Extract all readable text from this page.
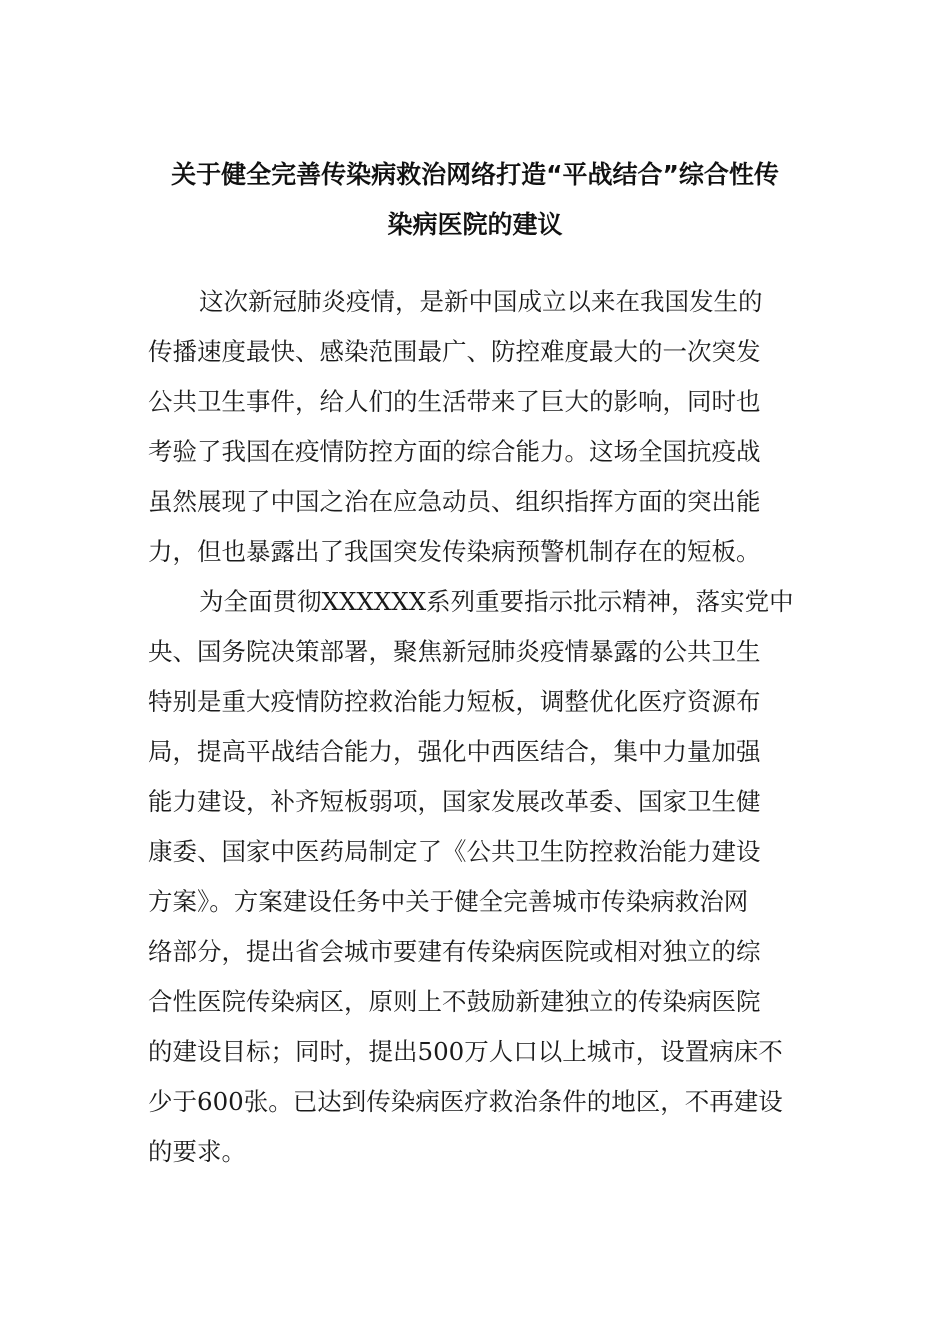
关于健全完善传染病救治网络打造“平战结合”综合性传
染病医院的建议
这次新冠肺炎疫情，是新中国成立以来在我国发生的
传播速度最快、感染范围最广、防控难度最大的一次突发
公共卫生事件，给人们的生活带来了巨大的影响，同时也
考验了我国在疫情防控方面的综合能力。这场全国抗疫战
虽然展现了中国之治在应急动员、组织指挥方面的突出能
力，但也暴露出了我国突发传染病预警机制存在的短板。
为全面贯彻XXXXXX系列重要指示批示精神，落实党中
央、国务院决策部署，聚焦新冠肺炎疫情暴露的公共卫生
特别是重大疫情防控救治能力短板，调整优化医疗资源布
局，提高平战结合能力，强化中西医结合，集中力量加强
能力建设，补齐短板弱项，国家发展改革委、国家卫生健
康委、国家中医药局制定了《公共卫生防控救治能力建设
方案》。方案建设任务中关于健全完善城市传染病救治网
络部分，提出省会城市要建有传染病医院或相对独立的综
合性医院传染病区，原则上不鼓励新建独立的传染病医院
的建设目标；同时，提出500万人口以上城市，设置病床不
少于600张。已达到传染病医疗救治条件的地区，不再建设
的要求。
